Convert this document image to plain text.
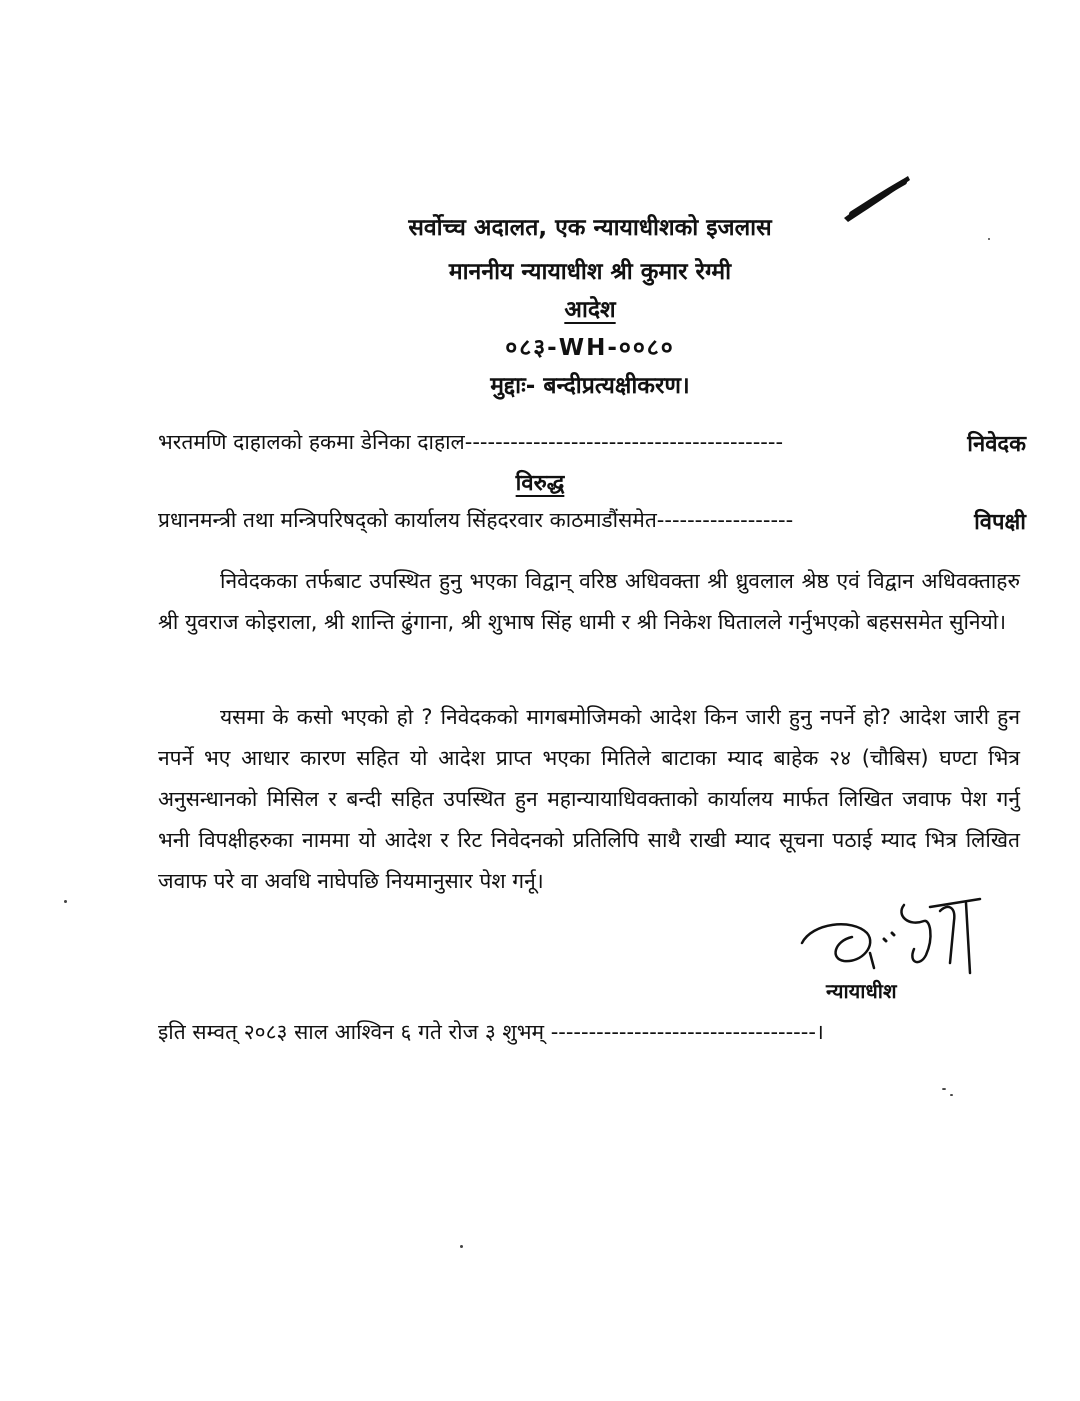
सर्वोच्च अदालत, एक न्यायाधीशको इजलास
माननीय न्यायाधीश श्री कुमार रेग्मी
आदेश
०८३-WH-००८०
मुद्दाः- बन्दीप्रत्यक्षीकरण।
भरतमणि दाहालको हकमा डेनिका दाहाल------------------------------------------	निवेदक
विरुद्ध
प्रधानमन्त्री तथा मन्त्रिपरिषद्को कार्यालय सिंहदरवार काठमाडौंसमेत------------------	विपक्षी

निवेदकका तर्फबाट उपस्थित हुनु भएका विद्वान् वरिष्ठ अधिवक्ता श्री ध्रुवलाल श्रेष्ठ एवं विद्वान अधिवक्ताहरु श्री युवराज कोइराला, श्री शान्ति ढुंगाना, श्री शुभाष सिंह धामी र श्री निकेश घितालले गर्नुभएको बहससमेत सुनियो।

यसमा के कसो भएको हो ? निवेदकको मागबमोजिमको आदेश किन जारी हुनु नपर्ने हो? आदेश जारी हुन नपर्ने भए आधार कारण सहित यो आदेश प्राप्त भएका मितिले बाटाका म्याद बाहेक २४ (चौबिस) घण्टा भित्र अनुसन्धानको मिसिल र बन्दी सहित उपस्थित हुन महान्यायाधिवक्ताको कार्यालय मार्फत लिखित जवाफ पेश गर्नु भनी विपक्षीहरुका नाममा यो आदेश र रिट निवेदनको प्रतिलिपि साथै राखी म्याद सूचना पठाई म्याद भित्र लिखित जवाफ परे वा अवधि नाघेपछि नियमानुसार पेश गर्नू।

न्यायाधीश
इति सम्वत् २०८३ साल आश्विन ६ गते रोज ३ शुभम् -----------------------------------।
